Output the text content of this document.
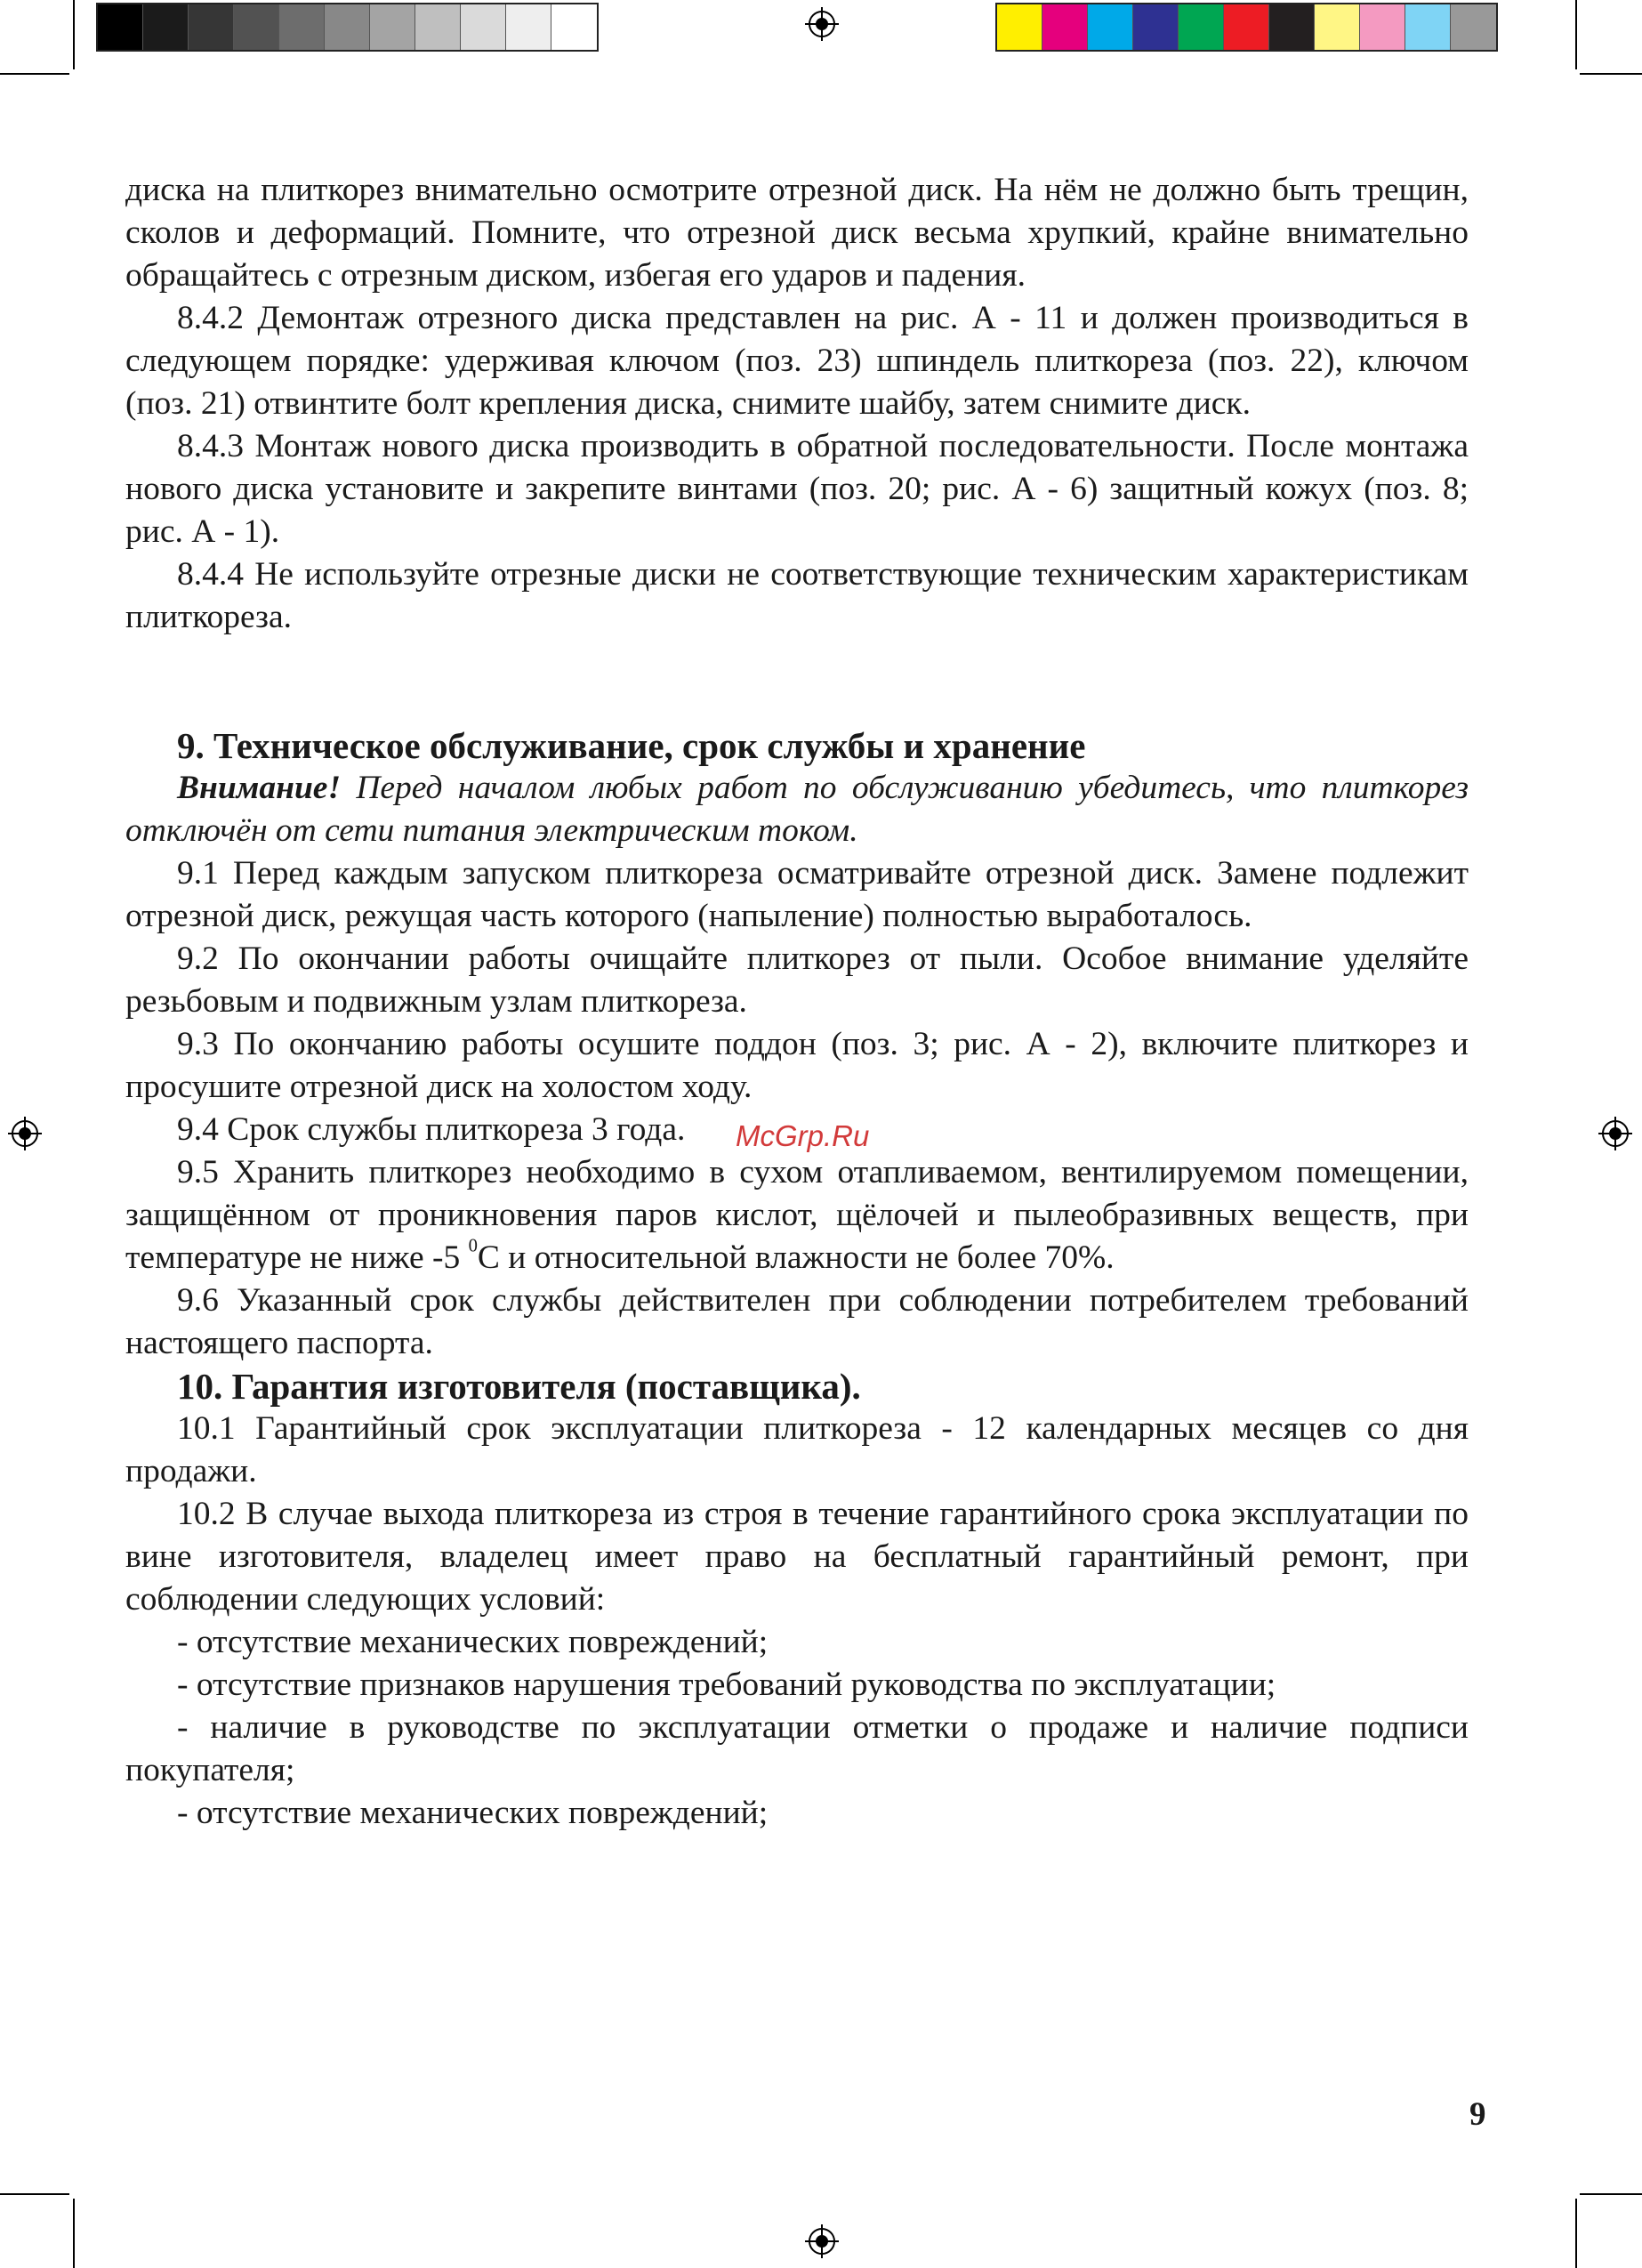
диска на плиткорез внимательно осмотрите отрезной диск. На нём не должно быть трещин, сколов и деформаций. Помните, что отрезной диск весьма хрупкий, крайне внимательно обращайтесь с отрезным диском, избегая его ударов и падения.

8.4.2 Демонтаж отрезного диска представлен на рис. А - 11 и должен производиться в следующем порядке: удерживая ключом (поз. 23) шпиндель плиткореза (поз. 22), ключом (поз. 21) отвинтите болт крепления диска, снимите шайбу, затем снимите диск.

8.4.3 Монтаж нового диска производить в обратной последовательности. После монтажа нового диска установите и закрепите винтами (поз. 20; рис. А - 6) защитный кожух (поз. 8; рис. А - 1).

8.4.4 Не используйте отрезные диски не соответствующие техническим характеристикам плиткореза.

9. Техническое обслуживание, срок службы и хранение

Внимание! Перед началом любых работ по обслуживанию убедитесь, что плиткорез отключён от сети питания электрическим током.

9.1 Перед каждым запуском плиткореза осматривайте отрезной диск. Замене подлежит отрезной диск, режущая часть которого (напыление) полностью выработалось.

9.2 По окончании работы очищайте плиткорез от пыли. Особое внимание уделяйте резьбовым и подвижным узлам плиткореза.

9.3 По окончанию работы осушите поддон (поз. 3; рис. А - 2), включите плиткорез и просушите отрезной диск на холостом ходу.

9.4 Срок службы плиткореза 3 года.

9.5 Хранить плиткорез необходимо в сухом отапливаемом, вентилируемом помещении, защищённом от проникновения паров кислот, щёлочей и пылеобразивных веществ, при температуре не ниже -5 $^0$С и относительной влажности не более 70%.

9.6 Указанный срок службы действителен при соблюдении потребителем требований настоящего паспорта.

10. Гарантия изготовителя (поставщика).

10.1 Гарантийный срок эксплуатации плиткореза - 12 календарных месяцев со дня продажи.

10.2 В случае выхода плиткореза из строя в течение гарантийного срока эксплуатации по вине изготовителя, владелец имеет право на бесплатный гарантийный ремонт, при соблюдении следующих условий:

- отсутствие механических повреждений;

- отсутствие признаков нарушения требований руководства по эксплуатации;

- наличие в руководстве по эксплуатации отметки о продаже и наличие подписи покупателя;

- отсутствие механических повреждений;

McGrp.Ru
9
